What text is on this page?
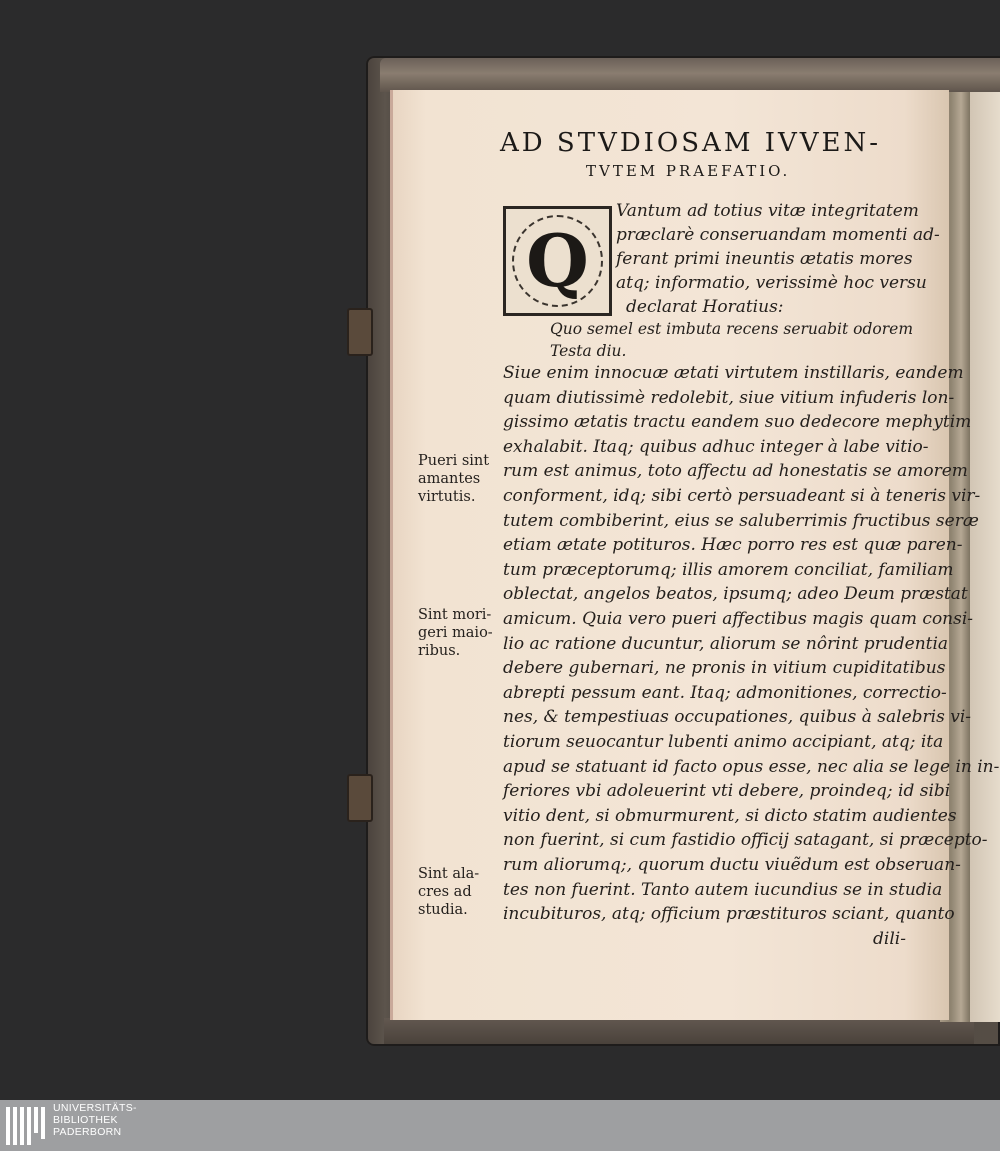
AD STVDIOSAM IVVEN-
TVTEM PRAEFATIO.
Q
Vantum ad totius vitæ integritatem
præclarè conseruandam momenti ad-
ferant primi ineuntis ætatis mores
atq; informatio, verissimè hoc versu
declarat Horatius:
Quo semel est imbuta recens seruabit odorem
Testa diu.
Siue enim innocuæ ætati virtutem instillaris, eandem
quam diutissimè redolebit, siue vitium infuderis lon-
gissimo ætatis tractu eandem suo dedecore mephytim
exhalabit. Itaq; quibus adhuc integer à labe vitio-
rum est animus, toto affectu ad honestatis se amorem
conforment, idq; sibi certò persuadeant si à teneris vir-
tutem combiberint, eius se saluberrimis fructibus seræ
etiam ætate potituros. Hæc porro res est quæ paren-
tum præceptorumq; illis amorem conciliat, familiam
oblectat, angelos beatos, ipsumq; adeo Deum præstat
amicum. Quia vero pueri affectibus magis quam consi-
lio ac ratione ducuntur, aliorum se nôrint prudentia
debere gubernari, ne pronis in vitium cupiditatibus
abrepti pessum eant. Itaq; admonitiones, correctio-
nes, & tempestiuas occupationes, quibus à salebris vi-
tiorum seuocantur lubenti animo accipiant, atq; ita
apud se statuant id facto opus esse, nec alia se lege in in-
feriores vbi adoleuerint vti debere, proindeq; id sibi
vitio dent, si obmurmurent, si dicto statim audientes
non fuerint, si cum fastidio officij satagant, si præcepto-
rum aliorumq;, quorum ductu viuẽdum est obseruan-
tes non fuerint. Tanto autem iucundius se in studia
incubituros, atq; officium præstituros sciant, quanto
dili-
Pueri sint
amantes
virtutis.
Sint mori-
geri maio-
ribus.
Sint ala-
cres ad
studia.
UNIVERSITÄTS-
BIBLIOTHEK
PADERBORN
